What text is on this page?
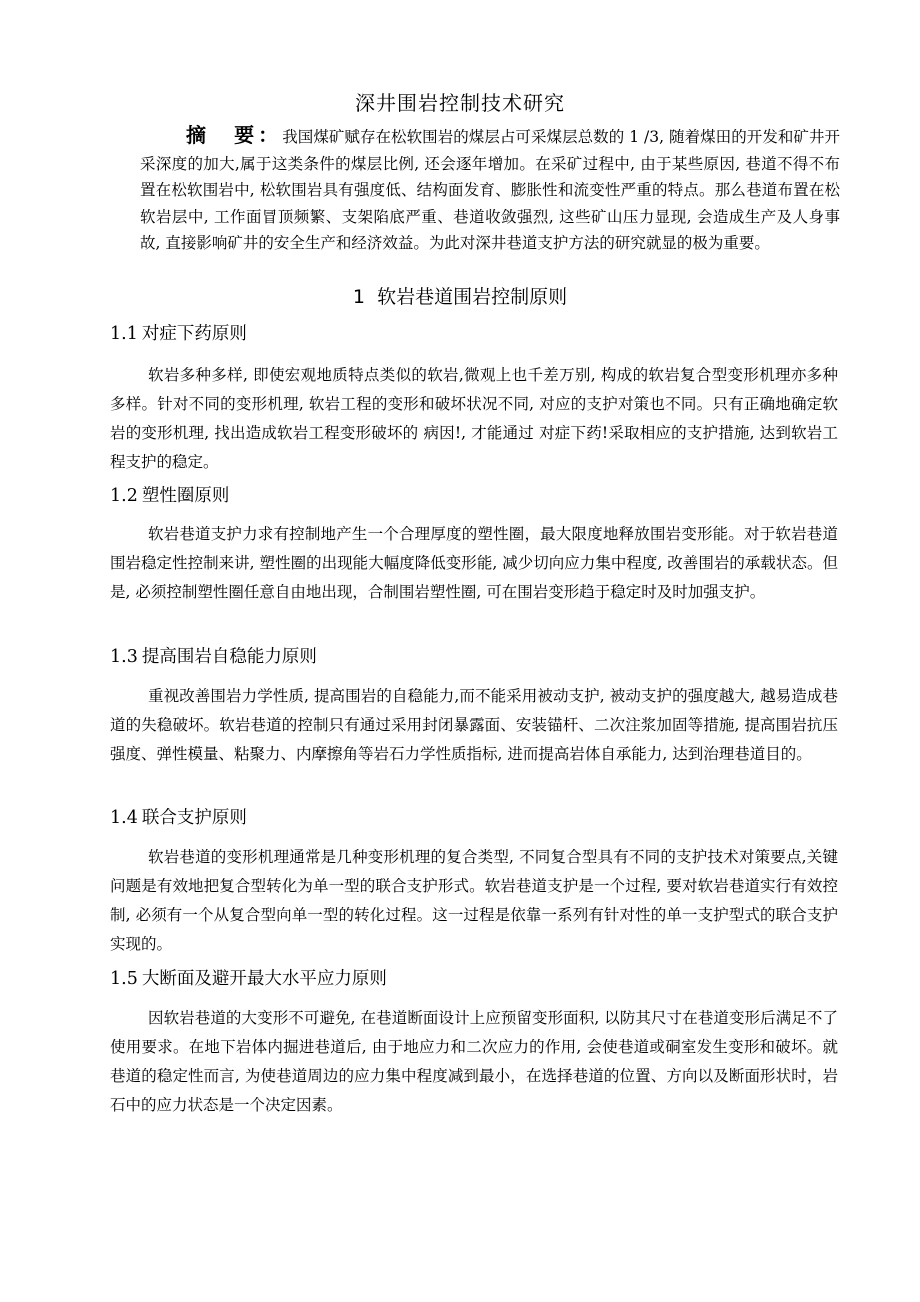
深井围岩控制技术研究
摘　要：我国煤矿赋存在松软围岩的煤层占可采煤层总数的 1 /3, 随着煤田的开发和矿井开采深度的加大,属于这类条件的煤层比例, 还会逐年增加。在采矿过程中, 由于某些原因, 巷道不得不布置在松软围岩中, 松软围岩具有强度低、结构面发育、膨胀性和流变性严重的特点。那么巷道布置在松软岩层中, 工作面冒顶频繁、支架陷底严重、巷道收敛强烈, 这些矿山压力显现, 会造成生产及人身事故, 直接影响矿井的安全生产和经济效益。为此对深井巷道支护方法的研究就显的极为重要。
1 软岩巷道围岩控制原则
1.1 对症下药原则
软岩多种多样, 即使宏观地质特点类似的软岩,微观上也千差万别, 构成的软岩复合型变形机理亦多种多样。针对不同的变形机理, 软岩工程的变形和破坏状况不同, 对应的支护对策也不同。只有正确地确定软岩的变形机理, 找出造成软岩工程变形破坏的 病因!, 才能通过 对症下药!采取相应的支护措施, 达到软岩工程支护的稳定。
1.2 塑性圈原则
软岩巷道支护力求有控制地产生一个合理厚度的塑性圈，最大限度地释放围岩变形能。对于软岩巷道围岩稳定性控制来讲, 塑性圈的出现能大幅度降低变形能, 减少切向应力集中程度, 改善围岩的承载状态。但是, 必须控制塑性圈任意自由地出现，合制围岩塑性圈, 可在围岩变形趋于稳定时及时加强支护。
1.3 提高围岩自稳能力原则
重视改善围岩力学性质, 提高围岩的自稳能力,而不能采用被动支护, 被动支护的强度越大, 越易造成巷道的失稳破坏。软岩巷道的控制只有通过采用封闭暴露面、安装锚杆、二次注浆加固等措施, 提高围岩抗压强度、弹性模量、粘聚力、内摩擦角等岩石力学性质指标, 进而提高岩体自承能力, 达到治理巷道目的。
1.4 联合支护原则
软岩巷道的变形机理通常是几种变形机理的复合类型, 不同复合型具有不同的支护技术对策要点,关键问题是有效地把复合型转化为单一型的联合支护形式。软岩巷道支护是一个过程, 要对软岩巷道实行有效控制, 必须有一个从复合型向单一型的转化过程。这一过程是依靠一系列有针对性的单一支护型式的联合支护实现的。
1.5 大断面及避开最大水平应力原则
因软岩巷道的大变形不可避免, 在巷道断面设计上应预留变形面积, 以防其尺寸在巷道变形后满足不了使用要求。在地下岩体内掘进巷道后, 由于地应力和二次应力的作用, 会使巷道或硐室发生变形和破坏。就巷道的稳定性而言, 为使巷道周边的应力集中程度减到最小，在选择巷道的位置、方向以及断面形状时，岩石中的应力状态是一个决定因素。
